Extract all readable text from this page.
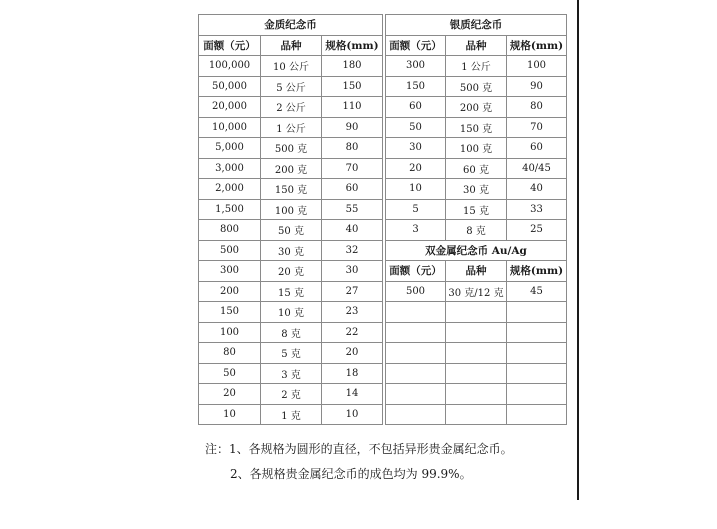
金质纪念币		
面额（元）	品种	规格(mm)
100,000	10 公斤	180
50,000	5 公斤	150
20,000	2 公斤	110
10,000	1 公斤	90
5,000	500 克	80
3,000	200 克	70
2,000	150 克	60
1,500	100 克	55
800	50 克	40
500	30 克	32
300	20 克	30
200	15 克	27
150	10 克	23
100	8 克	22
80	5 克	20
50	3 克	18
20	2 克	14
10	1 克	10
银质纪念币		
面额（元）	品种	规格(mm)
300	1 公斤	100
150	500 克	90
60	200 克	80
50	150 克	70
30	100 克	60
20	60 克	40/45
10	30 克	40
5	15 克	33
3	8 克	25
双金属纪念币 Au/Ag		
面额（元）	品种	规格(mm)
500	30 克/12 克	45

注：1、各规格为圆形的直径，不包括异形贵金属纪念币。
2、各规格贵金属纪念币的成色均为 99.9%。
